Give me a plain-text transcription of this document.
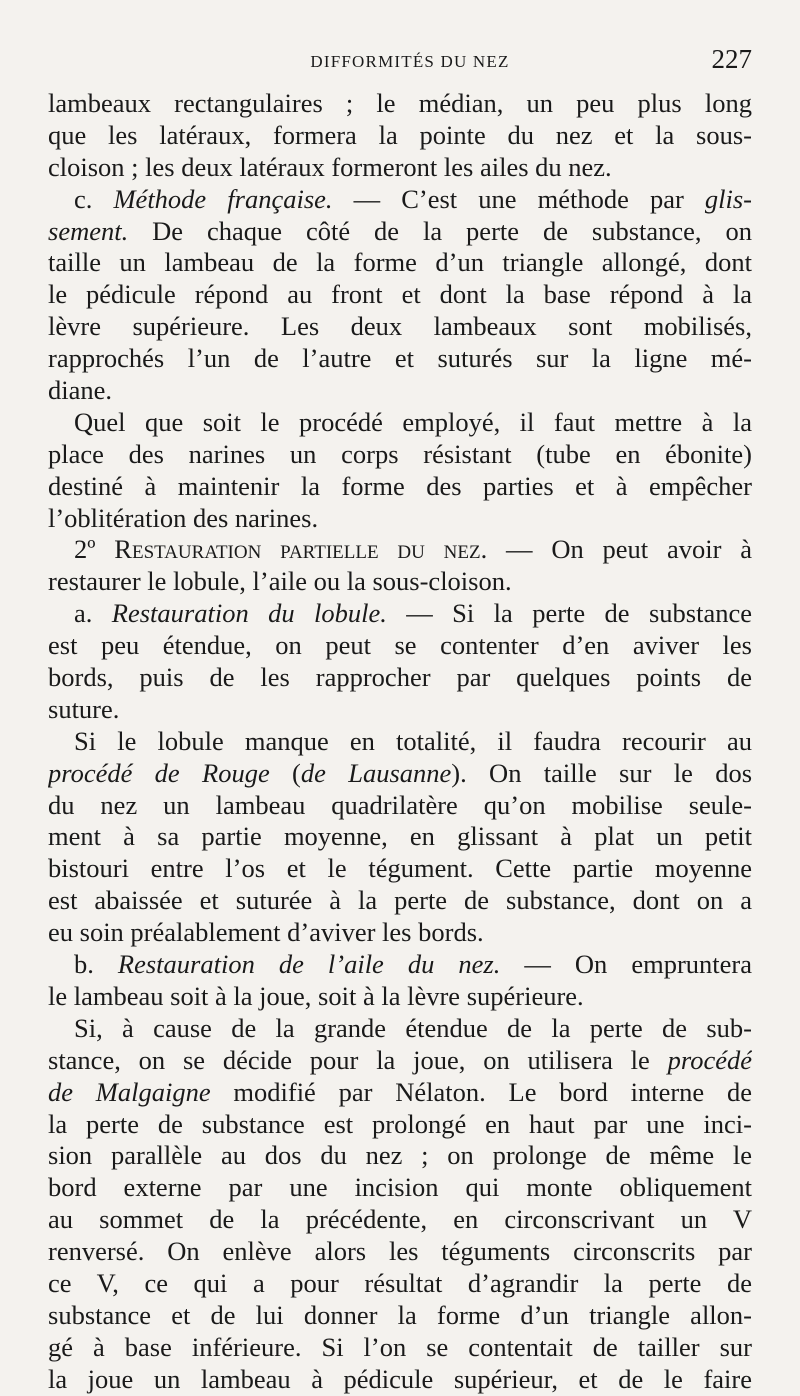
DIFFORMITÉS DU NEZ	227
lambeaux rectangulaires ; le médian, un peu plus long
que les latéraux, formera la pointe du nez et la sous-
cloison ; les deux latéraux formeront les ailes du nez.
c. Méthode française. — C’est une méthode par glis-
sement. De chaque côté de la perte de substance, on
taille un lambeau de la forme d’un triangle allongé, dont
le pédicule répond au front et dont la base répond à la
lèvre supérieure. Les deux lambeaux sont mobilisés,
rapprochés l’un de l’autre et suturés sur la ligne mé-
diane.
Quel que soit le procédé employé, il faut mettre à la
place des narines un corps résistant (tube en ébonite)
destiné à maintenir la forme des parties et à empêcher
l’oblitération des narines.
2º Restauration partielle du nez. — On peut avoir à
restaurer le lobule, l’aile ou la sous-cloison.
a. Restauration du lobule. — Si la perte de substance
est peu étendue, on peut se contenter d’en aviver les
bords, puis de les rapprocher par quelques points de
suture.
Si le lobule manque en totalité, il faudra recourir au
procédé de Rouge (de Lausanne). On taille sur le dos
du nez un lambeau quadrilatère qu’on mobilise seule-
ment à sa partie moyenne, en glissant à plat un petit
bistouri entre l’os et le tégument. Cette partie moyenne
est abaissée et suturée à la perte de substance, dont on a
eu soin préalablement d’aviver les bords.
b. Restauration de l’aile du nez. — On empruntera
le lambeau soit à la joue, soit à la lèvre supérieure.
Si, à cause de la grande étendue de la perte de sub-
stance, on se décide pour la joue, on utilisera le procédé
de Malgaigne modifié par Nélaton. Le bord interne de
la perte de substance est prolongé en haut par une inci-
sion parallèle au dos du nez ; on prolonge de même le
bord externe par une incision qui monte obliquement
au sommet de la précédente, en circonscrivant un V
renversé. On enlève alors les téguments circonscrits par
ce V, ce qui a pour résultat d’agrandir la perte de
substance et de lui donner la forme d’un triangle allon-
gé à base inférieure. Si l’on se contentait de tailler sur
la joue un lambeau à pédicule supérieur, et de le faire
